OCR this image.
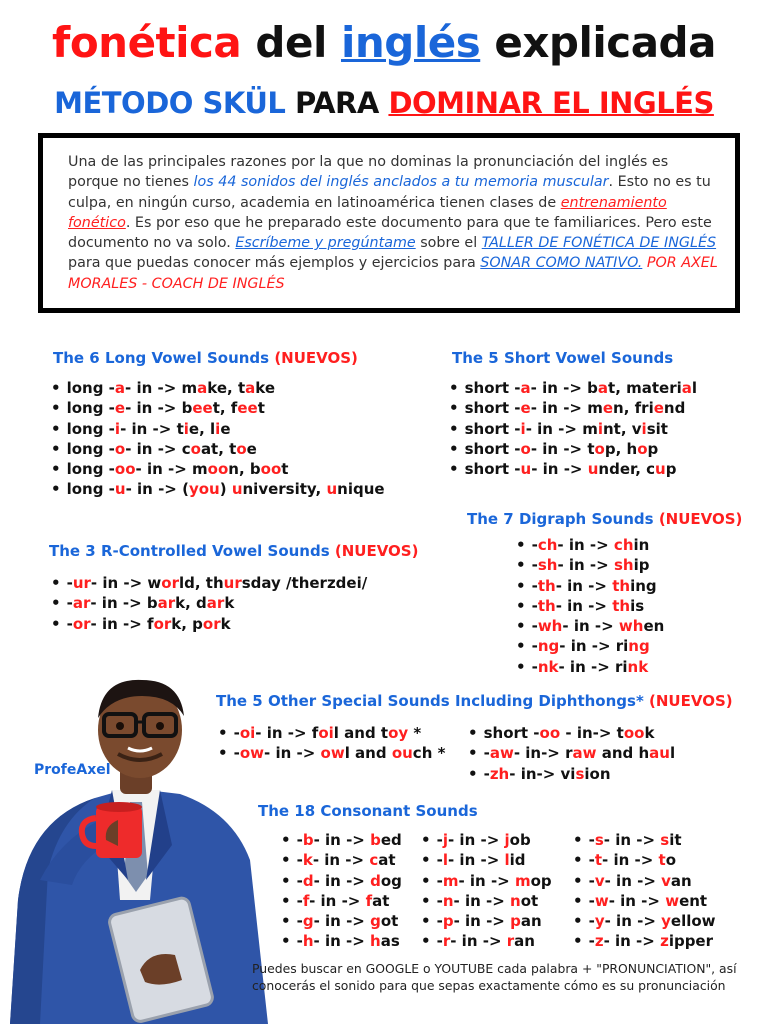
fonética del inglés explicada
MÉTODO SKÜL PARA DOMINAR EL INGLÉS
Una de las principales razones por la que no dominas la pronunciación del inglés es porque no tienes los 44 sonidos del inglés anclados a tu memoria muscular. Esto no es tu culpa, en ningún curso, academia en latinoamérica tienen clases de entrenamiento fonético. Es por eso que he preparado este documento para que te familiarices. Pero este documento no va solo. Escríbeme y pregúntame sobre el TALLER DE FONÉTICA DE INGLÉS para que puedas conocer más ejemplos y ejercicios para SONAR COMO NATIVO. POR AXEL MORALES - COACH DE INGLÉS
The 6 Long Vowel Sounds (NUEVOS)
• long -a- in -> make, take
• long -e- in -> beet, feet
• long -i- in -> tie, lie
• long -o- in -> coat, toe
• long -oo- in -> moon, boot
• long -u- in -> (you) university, unique
The 5 Short Vowel Sounds
• short -a- in -> bat, material
• short -e- in -> men, friend
• short -i- in -> mint, visit
• short -o- in -> top, hop
• short -u- in -> under, cup
The 7 Digraph Sounds (NUEVOS)
• -ch- in -> chin
• -sh- in -> ship
• -th- in -> thing
• -th- in -> this
• -wh- in -> when
• -ng- in -> ring
• -nk- in -> rink
The 3 R-Controlled Vowel Sounds (NUEVOS)
• -ur- in -> world, thursday /therzdei/
• -ar- in -> bark, dark
• -or- in -> fork, pork
The 5 Other Special Sounds Including Diphthongs* (NUEVOS)
• -oi- in -> foil and toy *
• -ow- in -> owl and ouch *
• short -oo - in-> took
• -aw- in-> raw and haul
• -zh- in-> vision
The 18 Consonant Sounds
• -b- in -> bed
• -k- in -> cat
• -d- in -> dog
• -f- in -> fat
• -g- in -> got
• -h- in -> has
• -j- in -> job
• -l- in -> lid
• -m- in -> mop
• -n- in -> not
• -p- in -> pan
• -r- in -> ran
• -s- in -> sit
• -t- in -> to
• -v- in -> van
• -w- in -> went
• -y- in -> yellow
• -z- in -> zipper
ProfeAxel
Puedes buscar en GOOGLE o YOUTUBE cada palabra + "PRONUNCIATION", así conocerás el sonido para que sepas exactamente cómo es su pronunciación
